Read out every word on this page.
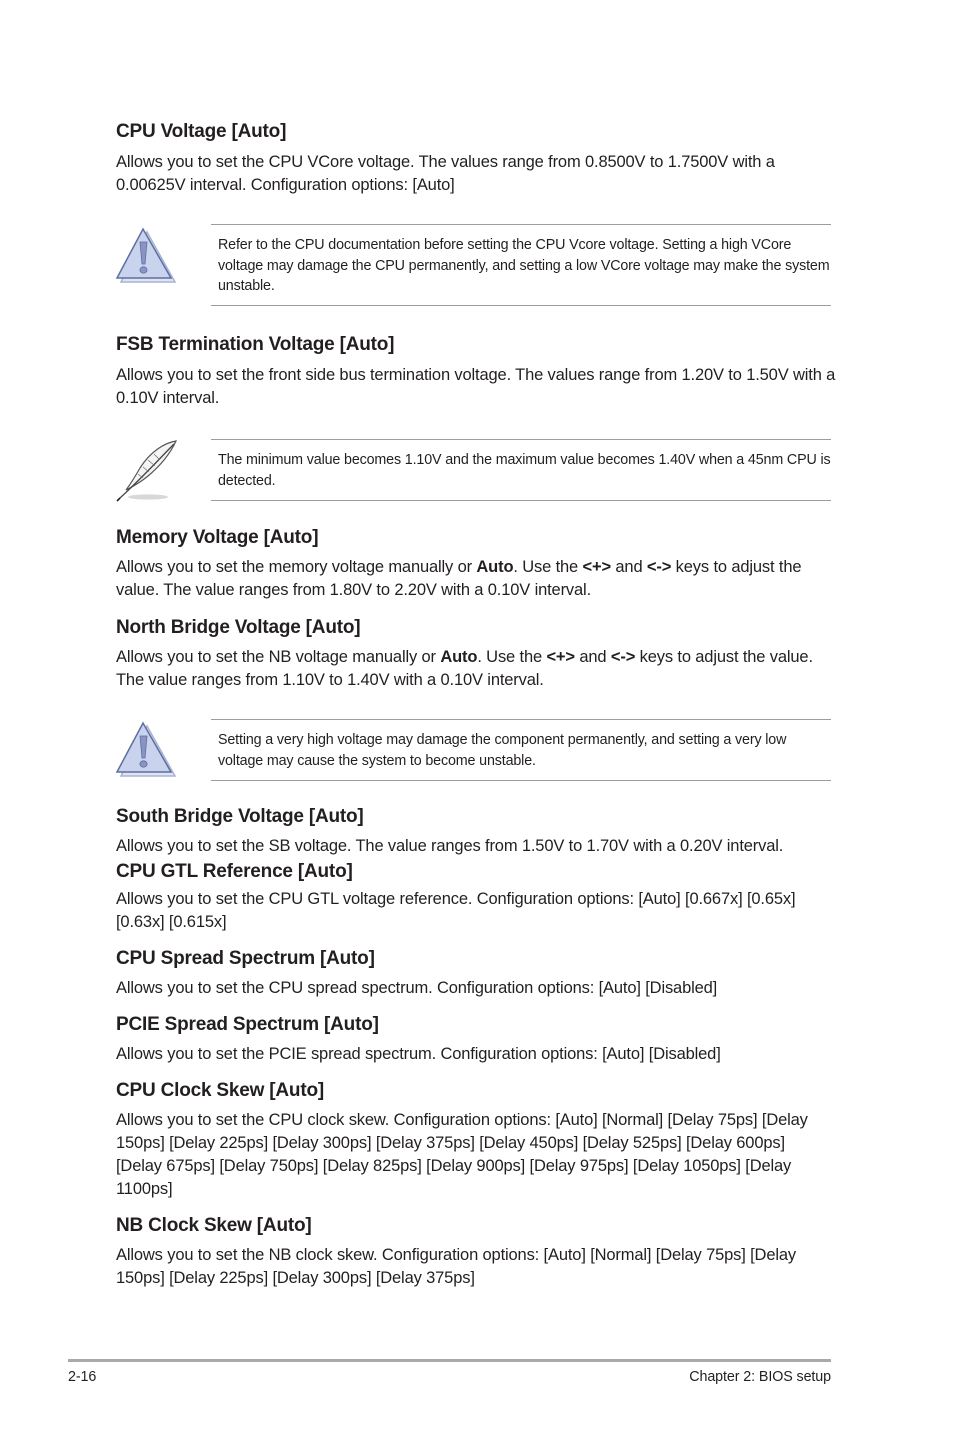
CPU Voltage [Auto]

Allows you to set the CPU VCore voltage. The values range from 0.8500V to 1.7500V with a 0.00625V interval. Configuration options: [Auto]

Refer to the CPU documentation before setting the CPU Vcore voltage. Setting a high VCore voltage may damage the CPU permanently, and setting a low VCore voltage may make the system unstable.

FSB Termination Voltage [Auto]

Allows you to set the front side bus termination voltage. The values range from 1.20V to 1.50V with a 0.10V interval.

The minimum value becomes 1.10V and the maximum value becomes 1.40V when a 45nm CPU is detected.

Memory Voltage [Auto]

Allows you to set the memory voltage manually or Auto. Use the <+> and <-> keys to adjust the value. The value ranges from 1.80V to 2.20V with a 0.10V interval.

North Bridge Voltage [Auto]

Allows you to set the NB voltage manually or Auto. Use the <+> and <-> keys to adjust the value. The value ranges from 1.10V to 1.40V with a 0.10V interval.

Setting a very high voltage may damage the component permanently, and setting a very low voltage may cause the system to become unstable.

South Bridge Voltage [Auto]

Allows you to set the SB voltage. The value ranges from 1.50V to 1.70V with a 0.20V interval.

CPU GTL Reference [Auto]

Allows you to set the CPU GTL voltage reference. Configuration options: [Auto] [0.667x] [0.65x] [0.63x] [0.615x]

CPU Spread Spectrum [Auto]

Allows you to set the CPU spread spectrum. Configuration options: [Auto] [Disabled]

PCIE Spread Spectrum [Auto]

Allows you to set the PCIE spread spectrum. Configuration options: [Auto] [Disabled]

CPU Clock Skew [Auto]

Allows you to set the CPU clock skew. Configuration options: [Auto] [Normal] [Delay 75ps] [Delay 150ps] [Delay 225ps] [Delay 300ps] [Delay 375ps] [Delay 450ps] [Delay 525ps] [Delay 600ps] [Delay 675ps] [Delay 750ps] [Delay 825ps] [Delay 900ps] [Delay 975ps] [Delay 1050ps] [Delay 1100ps]

NB Clock Skew [Auto]

Allows you to set the NB clock skew. Configuration options: [Auto] [Normal] [Delay 75ps] [Delay 150ps] [Delay 225ps] [Delay 300ps] [Delay 375ps]

2-16	Chapter 2: BIOS setup
